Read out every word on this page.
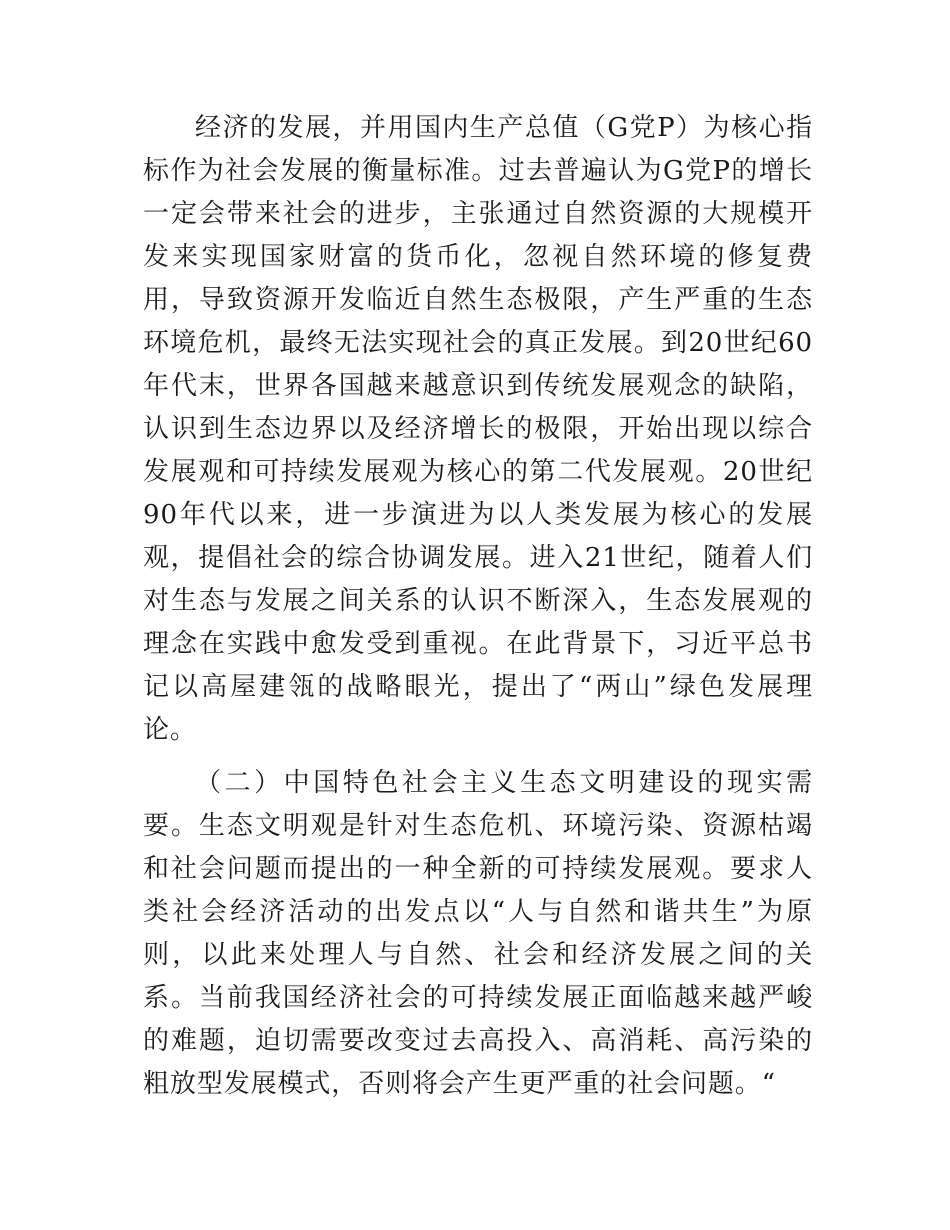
经济的发展，并用国内生产总值（G党P）为核心指标作为社会发展的衡量标准。过去普遍认为G党P的增长一定会带来社会的进步，主张通过自然资源的大规模开发来实现国家财富的货币化，忽视自然环境的修复费用，导致资源开发临近自然生态极限，产生严重的生态环境危机，最终无法实现社会的真正发展。到20世纪60年代末，世界各国越来越意识到传统发展观念的缺陷，认识到生态边界以及经济增长的极限，开始出现以综合发展观和可持续发展观为核心的第二代发展观。20世纪90年代以来，进一步演进为以人类发展为核心的发展观，提倡社会的综合协调发展。进入21世纪，随着人们对生态与发展之间关系的认识不断深入，生态发展观的理念在实践中愈发受到重视。在此背景下，习近平总书记以高屋建瓴的战略眼光，提出了“两山”绿色发展理论。

（二）中国特色社会主义生态文明建设的现实需要。生态文明观是针对生态危机、环境污染、资源枯竭和社会问题而提出的一种全新的可持续发展观。要求人类社会经济活动的出发点以“人与自然和谐共生”为原则，以此来处理人与自然、社会和经济发展之间的关系。当前我国经济社会的可持续发展正面临越来越严峻的难题，迫切需要改变过去高投入、高消耗、高污染的粗放型发展模式，否则将会产生更严重的社会问题。“
